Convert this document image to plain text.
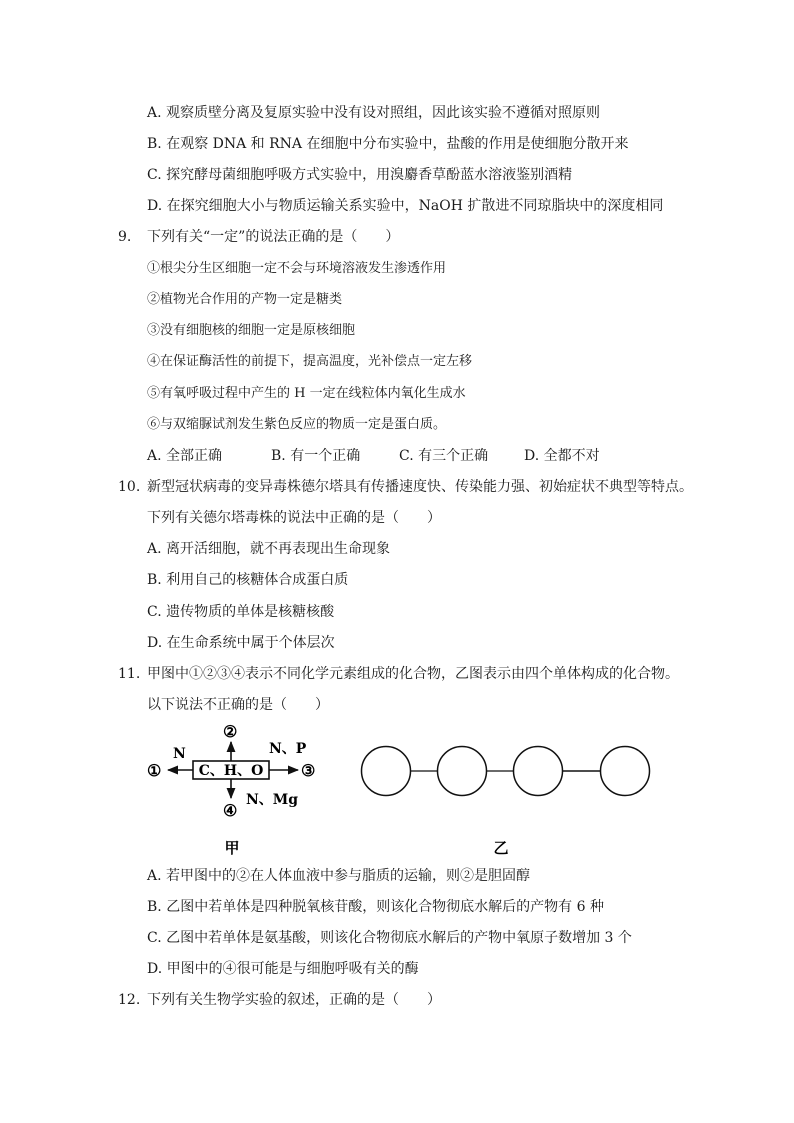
A. 观察质壁分离及复原实验中没有设对照组，因此该实验不遵循对照原则
B. 在观察 DNA 和 RNA 在细胞中分布实验中，盐酸的作用是使细胞分散开来
C. 探究酵母菌细胞呼吸方式实验中，用溴麝香草酚蓝水溶液鉴别酒精
D. 在探究细胞大小与物质运输关系实验中，NaOH 扩散进不同琼脂块中的深度相同
9. 下列有关“一定”的说法正确的是（　　）
①根尖分生区细胞一定不会与环境溶液发生渗透作用
②植物光合作用的产物一定是糖类
③没有细胞核的细胞一定是原核细胞
④在保证酶活性的前提下，提高温度，光补偿点一定左移
⑤有氧呼吸过程中产生的 H 一定在线粒体内氧化生成水
⑥与双缩脲试剂发生紫色反应的物质一定是蛋白质。
A. 全部正确	B. 有一个正确	C. 有三个正确	D. 全都不对
10. 新型冠状病毒的变异毒株德尔塔具有传播速度快、传染能力强、初始症状不典型等特点。
下列有关德尔塔毒株的说法中正确的是（　　）
A. 离开活细胞，就不再表现出生命现象
B. 利用自己的核糖体合成蛋白质
C. 遗传物质的单体是核糖核酸
D. 在生命系统中属于个体层次
11. 甲图中①②③④表示不同化学元素组成的化合物，乙图表示由四个单体构成的化合物。
以下说法不正确的是（　　）
C、H、O
N
①
②
N、P
③
N、Mg
④
甲	乙
A. 若甲图中的②在人体血液中参与脂质的运输，则②是胆固醇
B. 乙图中若单体是四种脱氧核苷酸，则该化合物彻底水解后的产物有 6 种
C. 乙图中若单体是氨基酸，则该化合物彻底水解后的产物中氧原子数增加 3 个
D. 甲图中的④很可能是与细胞呼吸有关的酶
12. 下列有关生物学实验的叙述，正确的是（　　）
